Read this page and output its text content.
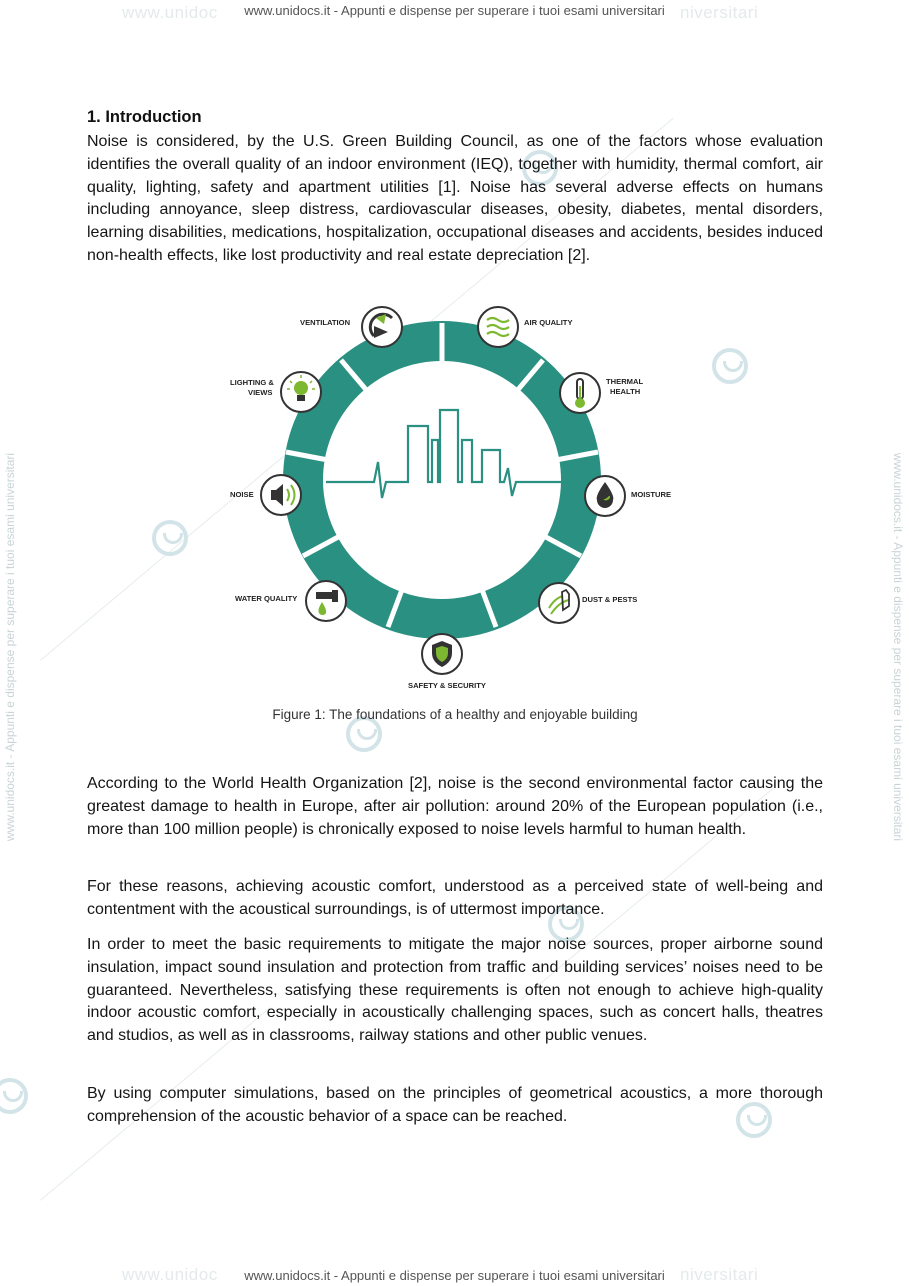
www.unidoc	niversitari
www.unidoc	niversitari
www.unidocs.it - Appunti e dispense per superare i tuoi esami universitari	www.unidocs.it - Appunti e dispense per superare i tuoi esami universitari
www.unidocs.it - Appunti e dispense per superare i tuoi esami universitari
www.unidocs.it - Appunti e dispense per superare i tuoi esami universitari
1. Introduction

Noise is considered, by the U.S. Green Building Council, as one of the factors whose evaluation identifies the overall quality of an indoor environment (IEQ), together with humidity, thermal comfort, air quality, lighting, safety and apartment utilities [1]. Noise has several adverse effects on humans including annoyance, sleep distress, cardiovascular diseases, obesity, diabetes, mental disorders, learning disabilities, medications, hospitalization, occupational diseases and accidents, besides induced non-health effects, like lost productivity and real estate depreciation [2].

VENTILATION	AIR QUALITY
LIGHTING &
VIEWS
THERMAL
HEALTH
NOISE	MOISTURE
WATER QUALITY	DUST & PESTS
SAFETY & SECURITY
Figure 1: The foundations of a healthy and enjoyable building

According to the World Health Organization [2], noise is the second environmental factor causing the greatest damage to health in Europe, after air pollution: around 20% of the European population (i.e., more than 100 million people) is chronically exposed to noise levels harmful to human health.

For these reasons, achieving acoustic comfort, understood as a perceived state of well-being and contentment with the acoustical surroundings, is of uttermost importance.

In order to meet the basic requirements to mitigate the major noise sources, proper airborne sound insulation, impact sound insulation and protection from traffic and building services’ noises need to be guaranteed. Nevertheless, satisfying these requirements is often not enough to achieve high-quality indoor acoustic comfort, especially in acoustically challenging spaces, such as concert halls, theatres and studios, as well as in classrooms, railway stations and other public venues.

By using computer simulations, based on the principles of geometrical acoustics, a more thorough comprehension of the acoustic behavior of a space can be reached.
